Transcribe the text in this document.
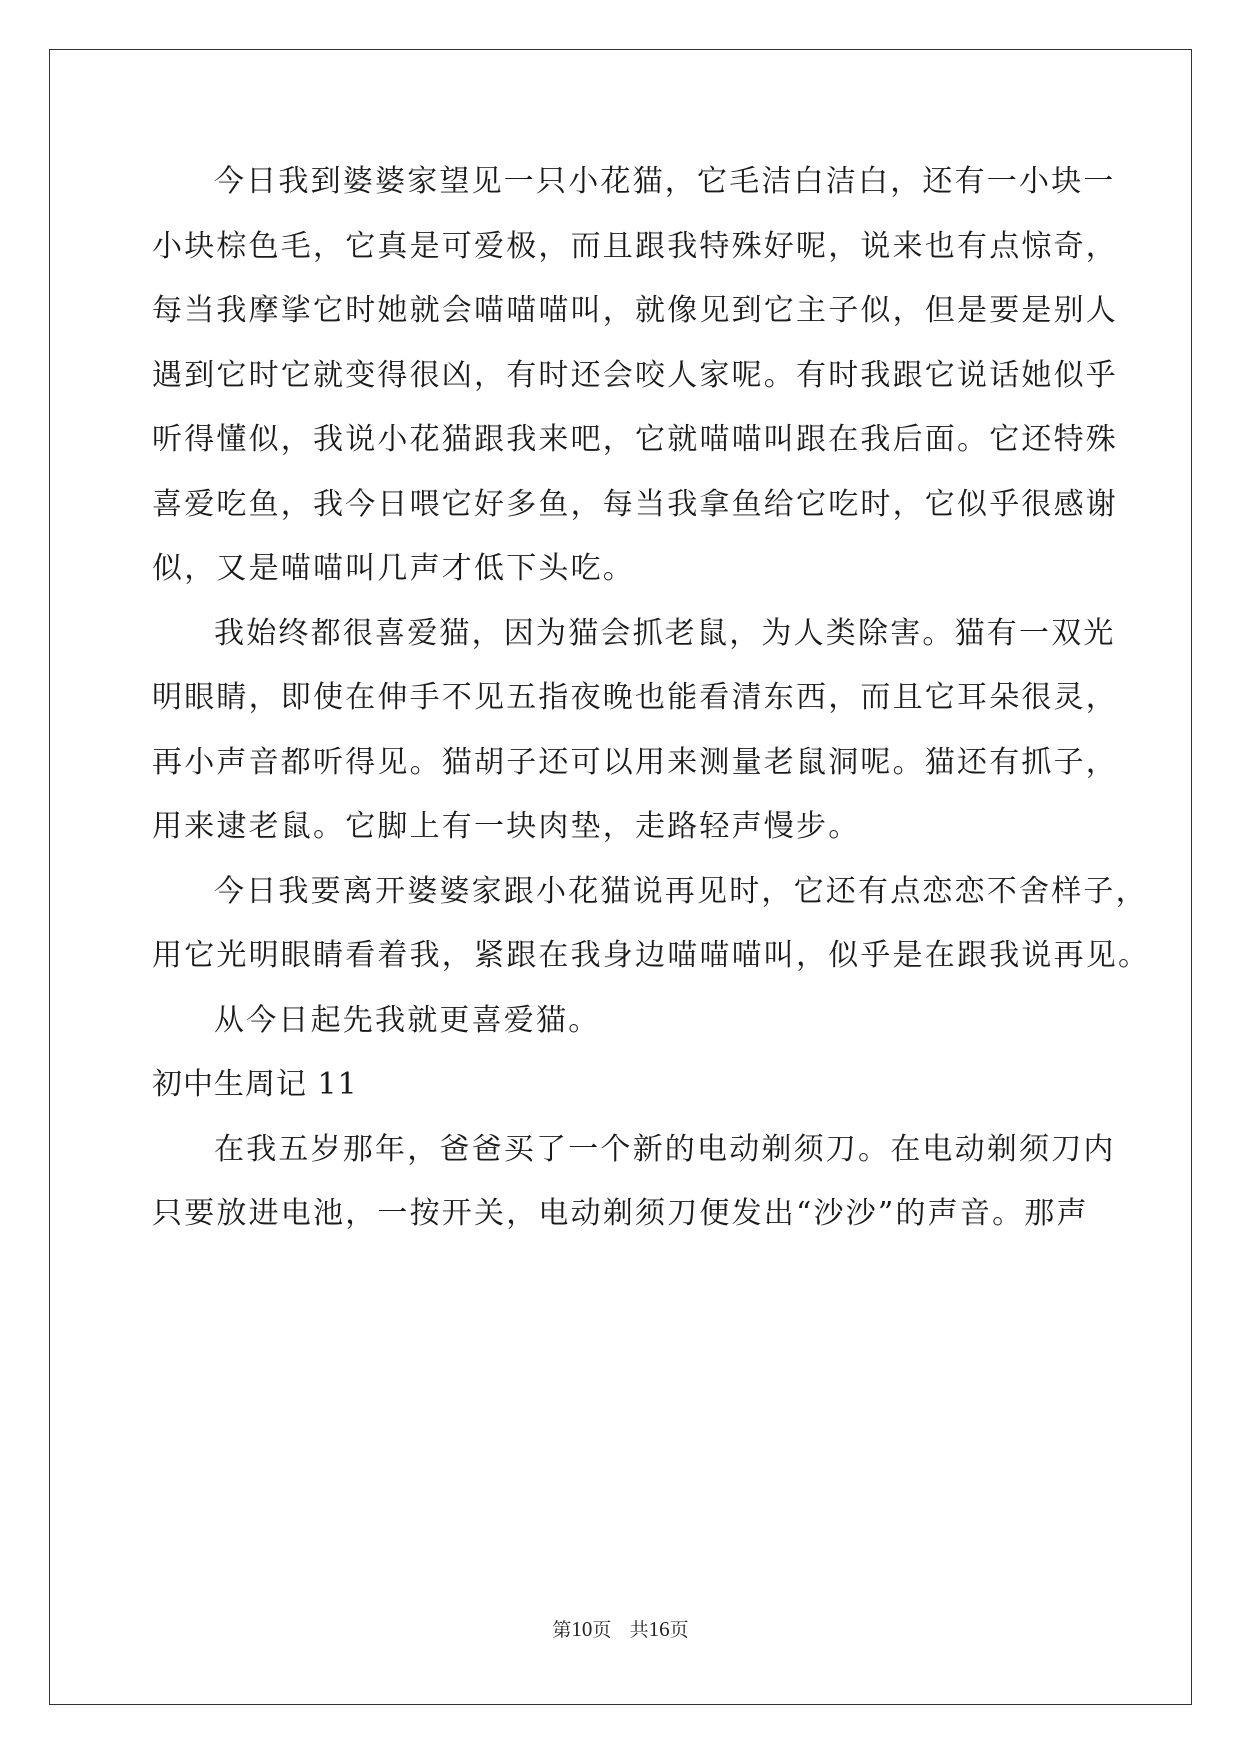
今日我到婆婆家望见一只小花猫，它毛洁白洁白，还有一小块一
小块棕色毛，它真是可爱极，而且跟我特殊好呢，说来也有点惊奇，
每当我摩挲它时她就会喵喵喵叫，就像见到它主子似，但是要是别人
遇到它时它就变得很凶，有时还会咬人家呢。有时我跟它说话她似乎
听得懂似，我说小花猫跟我来吧，它就喵喵叫跟在我后面。它还特殊
喜爱吃鱼，我今日喂它好多鱼，每当我拿鱼给它吃时，它似乎很感谢
似，又是喵喵叫几声才低下头吃。
我始终都很喜爱猫，因为猫会抓老鼠，为人类除害。猫有一双光
明眼睛，即使在伸手不见五指夜晚也能看清东西，而且它耳朵很灵，
再小声音都听得见。猫胡子还可以用来测量老鼠洞呢。猫还有抓子，
用来逮老鼠。它脚上有一块肉垫，走路轻声慢步。
今日我要离开婆婆家跟小花猫说再见时，它还有点恋恋不舍样子，
用它光明眼睛看着我，紧跟在我身边喵喵喵叫，似乎是在跟我说再见。
从今日起先我就更喜爱猫。
初中生周记 11
在我五岁那年，爸爸买了一个新的电动剃须刀。在电动剃须刀内
只要放进电池，一按开关，电动剃须刀便发出“沙沙”的声音。那声
第10页 共16页
